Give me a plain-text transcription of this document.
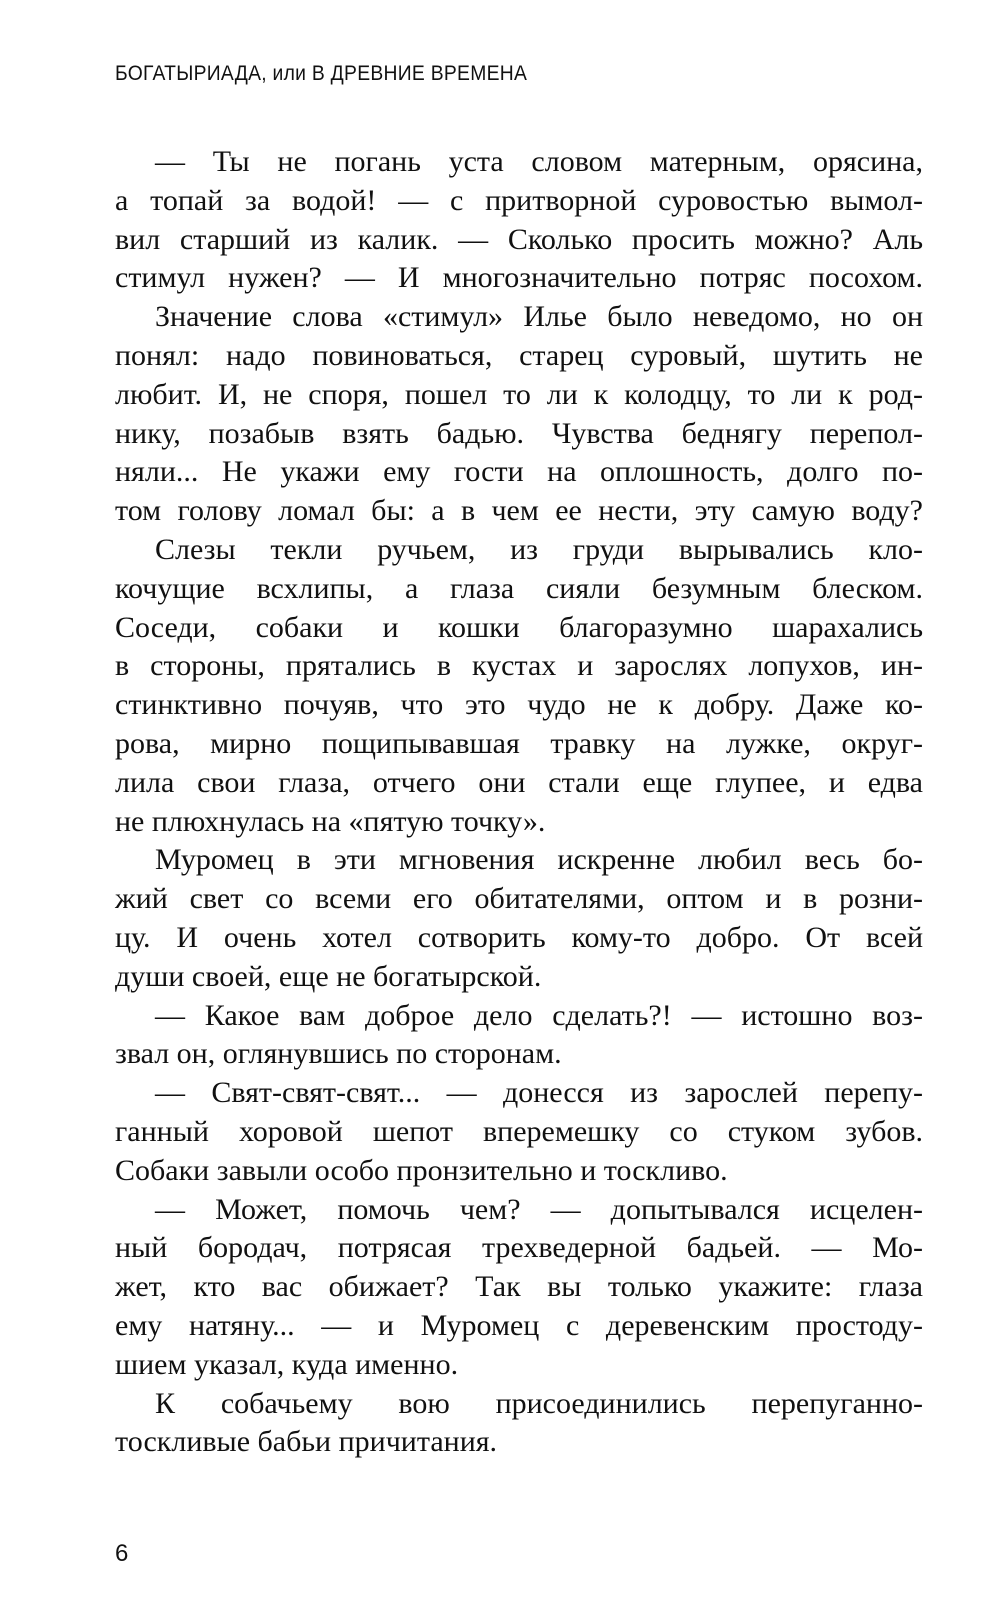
БОГАТЫРИАДА, или В ДРЕВНИЕ ВРЕМЕНА
— Ты не погань уста словом матерным, орясина,
а топай за водой! — с притворной суровостью вымол-
вил старший из калик. — Сколько просить можно? Аль
стимул нужен? — И многозначительно потряс посохом.
Значение слова «стимул» Илье было неведомо, но он
понял: надо повиноваться, старец суровый, шутить не
любит. И, не споря, пошел то ли к колодцу, то ли к род-
нику, позабыв взять бадью. Чувства беднягу перепол-
няли... Не укажи ему гости на оплошность, долго по-
том голову ломал бы: а в чем ее нести, эту самую воду?
Слезы текли ручьем, из груди вырывались кло-
кочущие всхлипы, а глаза сияли безумным блеском.
Соседи, собаки и кошки благоразумно шарахались
в стороны, прятались в кустах и зарослях лопухов, ин-
стинктивно почуяв, что это чудо не к добру. Даже ко-
рова, мирно пощипывавшая травку на лужке, округ-
лила свои глаза, отчего они стали еще глупее, и едва
не плюхнулась на «пятую точку».
Муромец в эти мгновения искренне любил весь бо-
жий свет со всеми его обитателями, оптом и в розни-
цу. И очень хотел сотворить кому-то добро. От всей
души своей, еще не богатырской.
— Какое вам доброе дело сделать?! — истошно воз-
звал он, оглянувшись по сторонам.
— Свят-свят-свят... — донесся из зарослей перепу-
ганный хоровой шепот вперемешку со стуком зубов.
Собаки завыли особо пронзительно и тоскливо.
— Может, помочь чем? — допытывался исцелен-
ный бородач, потрясая трехведерной бадьей. — Мо-
жет, кто вас обижает? Так вы только укажите: глаза
ему натяну... — и Муромец с деревенским простоду-
шием указал, куда именно.
К собачьему вою присоединились перепуганно-
тоскливые бабьи причитания.
6
